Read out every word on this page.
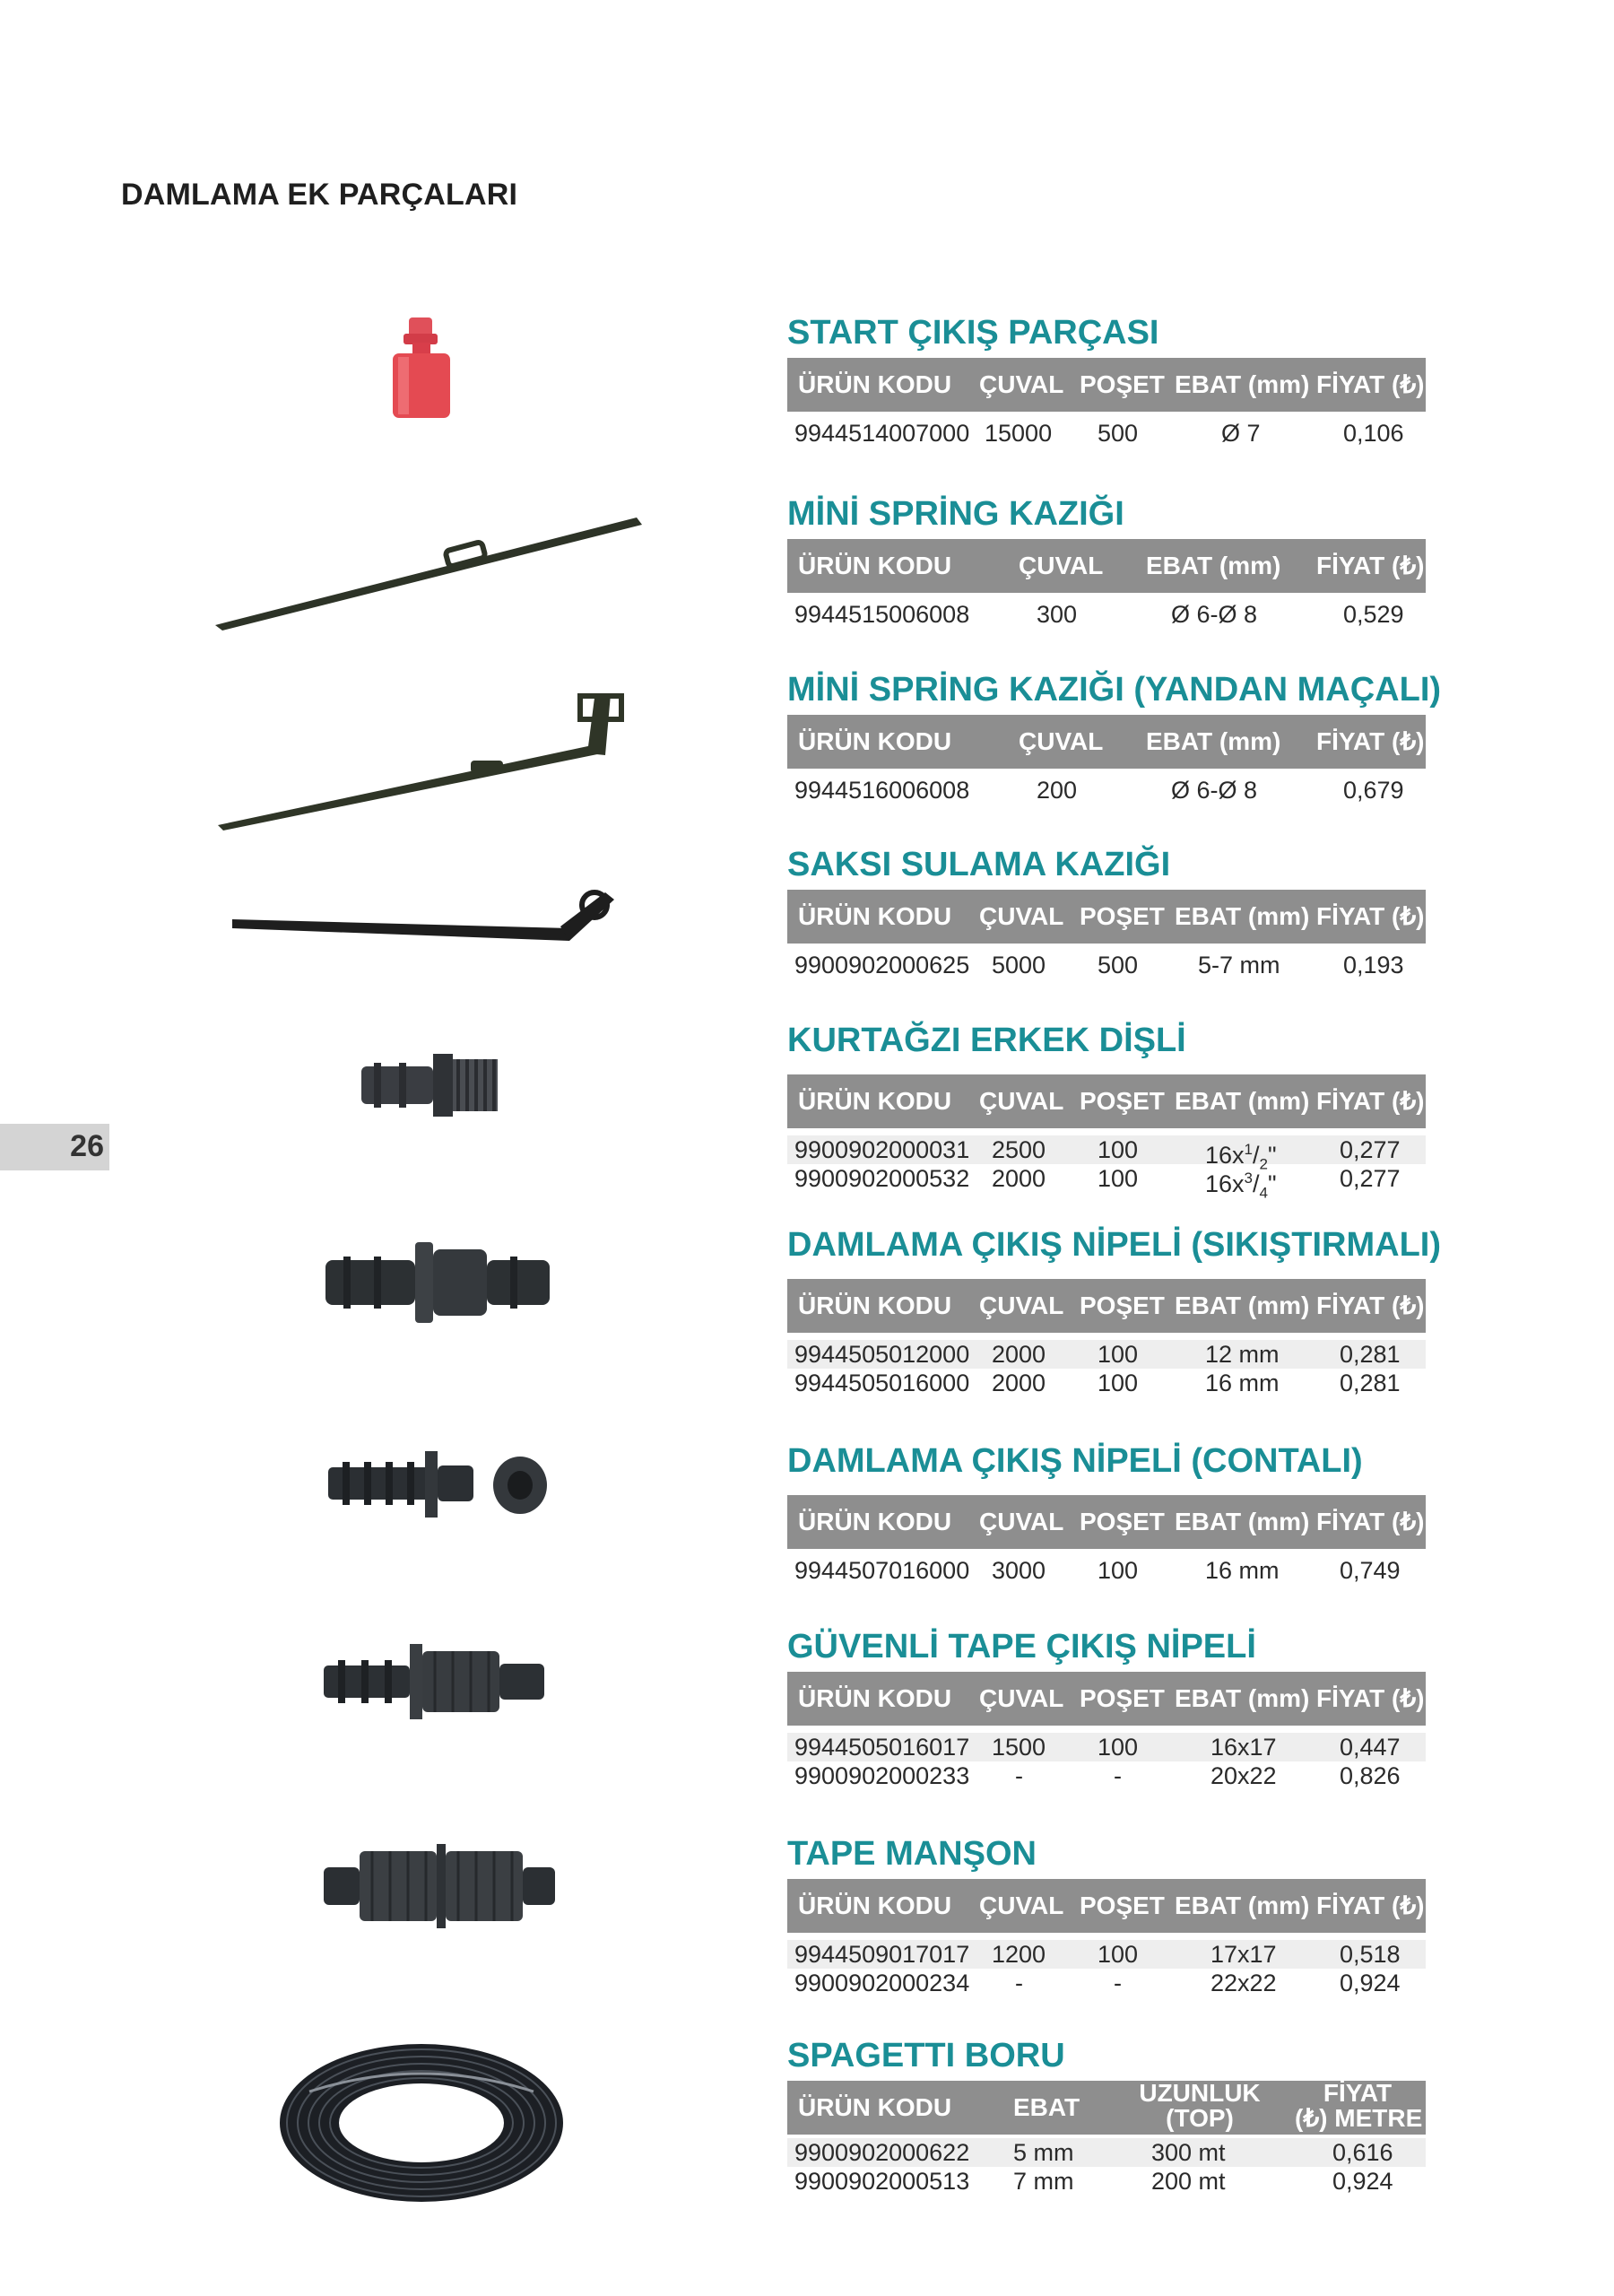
DAMLAMA EK PARÇALARI
26
START ÇIKIŞ PARÇASI
ÜRÜN KODU ÇUVAL POŞET EBAT (mm) FİYAT (₺)
9944514007000 15000 500	Ø 7	0,106
MİNİ SPRİNG KAZIĞI
ÜRÜN KODU	ÇUVAL EBAT (mm) FİYAT (₺)
9944515006008	300	Ø 6-Ø 8	0,529
MİNİ SPRİNG KAZIĞI (YANDAN MAÇALI)
ÜRÜN KODU	ÇUVAL EBAT (mm) FİYAT (₺)
9944516006008	200	Ø 6-Ø 8	0,679
SAKSI SULAMA KAZIĞI
ÜRÜN KODU ÇUVAL POŞET EBAT (mm) FİYAT (₺)
9900902000625 5000 500 5-7 mm	0,193
KURTAĞZI ERKEK DİŞLİ
ÜRÜN KODU ÇUVAL POŞET EBAT (mm) FİYAT (₺)
9900902000031 2500 100	$16x^1/_2$"	0,277
9900902000532 2000 100	$16x^3/_4$"	0,277
DAMLAMA ÇIKIŞ NİPELİ (SIKIŞTIRMALI)
ÜRÜN KODU ÇUVAL POŞET EBAT (mm) FİYAT (₺)
9944505012000 2000 100	12 mm 0,281
9944505016000 2000 100	16 mm 0,281
DAMLAMA ÇIKIŞ NİPELİ (CONTALI)
ÜRÜN KODU ÇUVAL POŞET EBAT (mm) FİYAT (₺)
9944507016000 3000 100	16 mm 0,749
GÜVENLİ TAPE ÇIKIŞ NİPELİ
ÜRÜN KODU ÇUVAL POŞET EBAT (mm) FİYAT (₺)
9944505016017 1500 100	16x17	0,447
9900902000233 -	-	20x22	0,826
TAPE MANŞON
ÜRÜN KODU ÇUVAL POŞET EBAT (mm) FİYAT (₺)
9944509017017 1200 100	17x17	0,518
9900902000234 -	-	22x22	0,924
SPAGETTI BORU
ÜRÜN KODU EBAT
UZUNLUK
(TOP)
FİYAT
(₺) METRE
9900902000622 5 mm	300 mt	0,616
9900902000513 7 mm	200 mt	0,924
